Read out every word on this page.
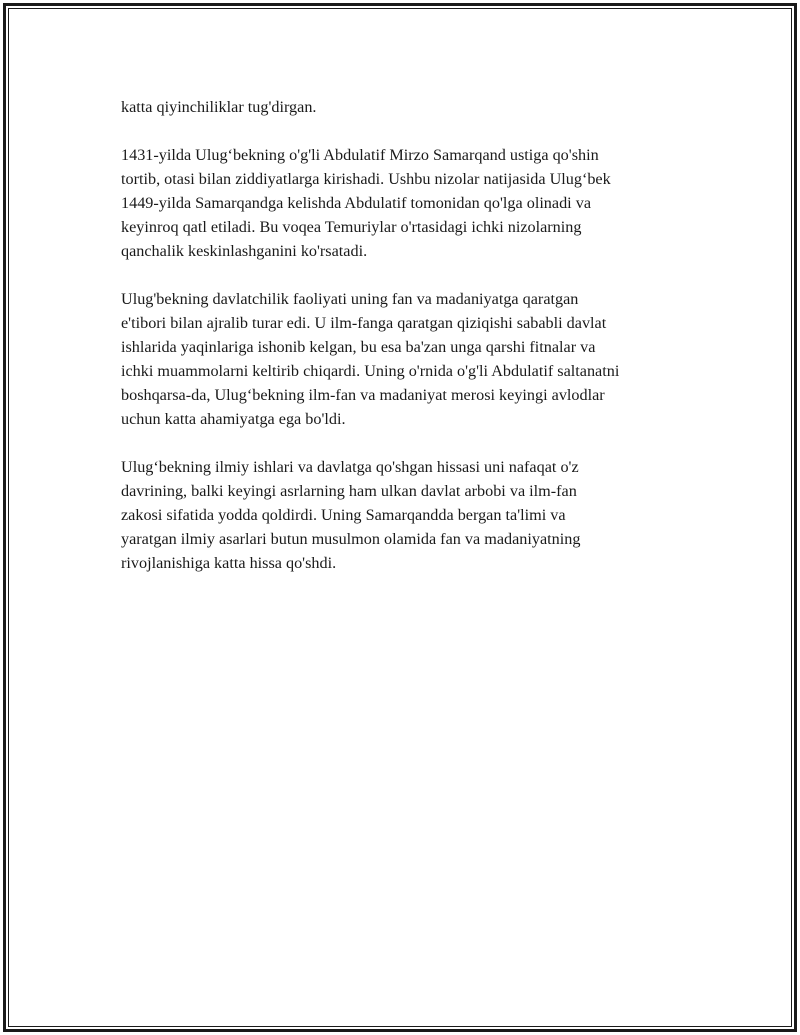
katta qiyinchiliklar tug'dirgan.

1431-yilda Ulug‘bekning o'g'li Abdulatif Mirzo Samarqand ustiga qo'shin
tortib, otasi bilan ziddiyatlarga kirishadi. Ushbu nizolar natijasida Ulug‘bek
1449-yilda Samarqandga kelishda Abdulatif tomonidan qo'lga olinadi va
keyinroq qatl etiladi. Bu voqea Temuriylar o'rtasidagi ichki nizolarning
qanchalik keskinlashganini ko'rsatadi.

Ulug'bekning davlatchilik faoliyati uning fan va madaniyatga qaratgan
e'tibori bilan ajralib turar edi. U ilm-fanga qaratgan qiziqishi sababli davlat
ishlarida yaqinlariga ishonib kelgan, bu esa ba'zan unga qarshi fitnalar va
ichki muammolarni keltirib chiqardi. Uning o'rnida o'g'li Abdulatif saltanatni
boshqarsa-da, Ulug‘bekning ilm-fan va madaniyat merosi keyingi avlodlar
uchun katta ahamiyatga ega bo'ldi.

Ulug‘bekning ilmiy ishlari va davlatga qo'shgan hissasi uni nafaqat o'z
davrining, balki keyingi asrlarning ham ulkan davlat arbobi va ilm-fan
zakosi sifatida yodda qoldirdi. Uning Samarqandda bergan ta'limi va
yaratgan ilmiy asarlari butun musulmon olamida fan va madaniyatning
rivojlanishiga katta hissa qo'shdi.
